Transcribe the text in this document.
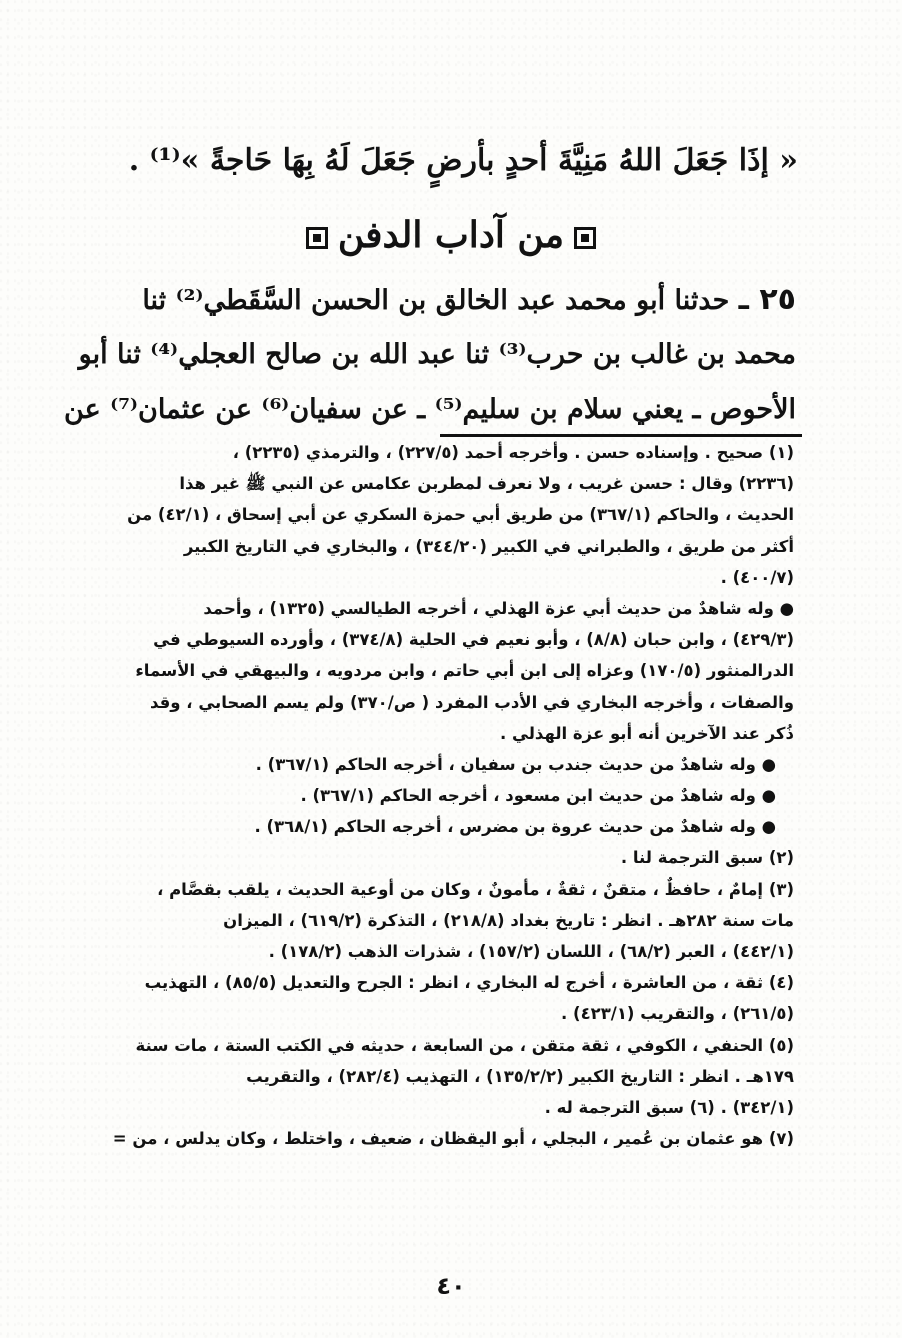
« إذَا جَعَلَ اللهُ مَنِيَّةَ أحدٍ بأرضٍ جَعَلَ لَهُ بِهَا حَاجةً »⁽¹⁾ .
من آداب الدفن
٢٥ ـ حدثنا أبو محمد عبد الخالق بن الحسن السَّقَطي⁽²⁾ ثنا
محمد بن غالب بن حرب⁽³⁾ ثنا عبد الله بن صالح العجلي⁽⁴⁾ ثنا أبو
الأحوص ـ يعني سلام بن سليم⁽⁵⁾ ـ عن سفيان⁽⁶⁾ عن عثمان⁽⁷⁾ عن
(١) صحيح . وإسناده حسن . وأخرجه أحمد (٢٢٧/٥) ، والترمذي (٢٢٣٥) ،
(٢٢٣٦) وقال : حسن غريب ، ولا نعرف لمطربن عكامس عن النبي ﷺ غير هذا
الحديث ، والحاكم (٣٦٧/١) من طريق أبي حمزة السكري عن أبي إسحاق ، (٤٢/١) من
أكثر من طريق ، والطبراني في الكبير (٣٤٤/٢٠) ، والبخاري في التاريخ الكبير
(٤٠٠/٧) .
● وله شاهدٌ من حديث أبي عزة الهذلي ، أخرجه الطيالسي (١٣٢٥) ، وأحمد
(٤٢٩/٣) ، وابن حبان (٨/٨) ، وأبو نعيم في الحلية (٣٧٤/٨) ، وأورده السيوطي في
الدرالمنثور (١٧٠/٥) وعزاه إلى ابن أبي حاتم ، وابن مردويه ، والبيهقي في الأسماء
والصفات ، وأخرجه البخاري في الأدب المفرد ( ص/٣٧٠) ولم يسم الصحابي ، وقد
ذُكر عند الآخرين أنه أبو عزة الهذلي .
● وله شاهدٌ من حديث جندب بن سفيان ، أخرجه الحاكم (٣٦٧/١) .
● وله شاهدٌ من حديث ابن مسعود ، أخرجه الحاكم (٣٦٧/١) .
● وله شاهدٌ من حديث عروة بن مضرس ، أخرجه الحاكم (٣٦٨/١) .
(٢) سبق الترجمة لنا .
(٣) إمامٌ ، حافظٌ ، متقنٌ ، ثقةٌ ، مأمونٌ ، وكان من أوعية الحديث ، يلقب بقصَّام ،
مات سنة ٢٨٢هـ . انظر : تاريخ بغداد (٢١٨/٨) ، التذكرة (٦١٩/٢) ، الميزان
(٤٤٢/١) ، العبر (٦٨/٢) ، اللسان (١٥٧/٢) ، شذرات الذهب (١٧٨/٢) .
(٤) ثقة ، من العاشرة ، أخرج له البخاري ، انظر : الجرح والتعديل (٨٥/٥) ، التهذيب
(٢٦١/٥) ، والتقريب (٤٢٣/١) .
(٥) الحنفي ، الكوفي ، ثقة متقن ، من السابعة ، حديثه في الكتب الستة ، مات سنة
١٧٩هـ . انظر : التاريخ الكبير (١٣٥/٢/٢) ، التهذيب (٢٨٢/٤) ، والتقريب
(٣٤٢/١) . (٦) سبق الترجمة له .
(٧) هو عثمان بن عُمير ، البجلي ، أبو اليقظان ، ضعيف ، واختلط ، وكان يدلس ، من =
٤٠
